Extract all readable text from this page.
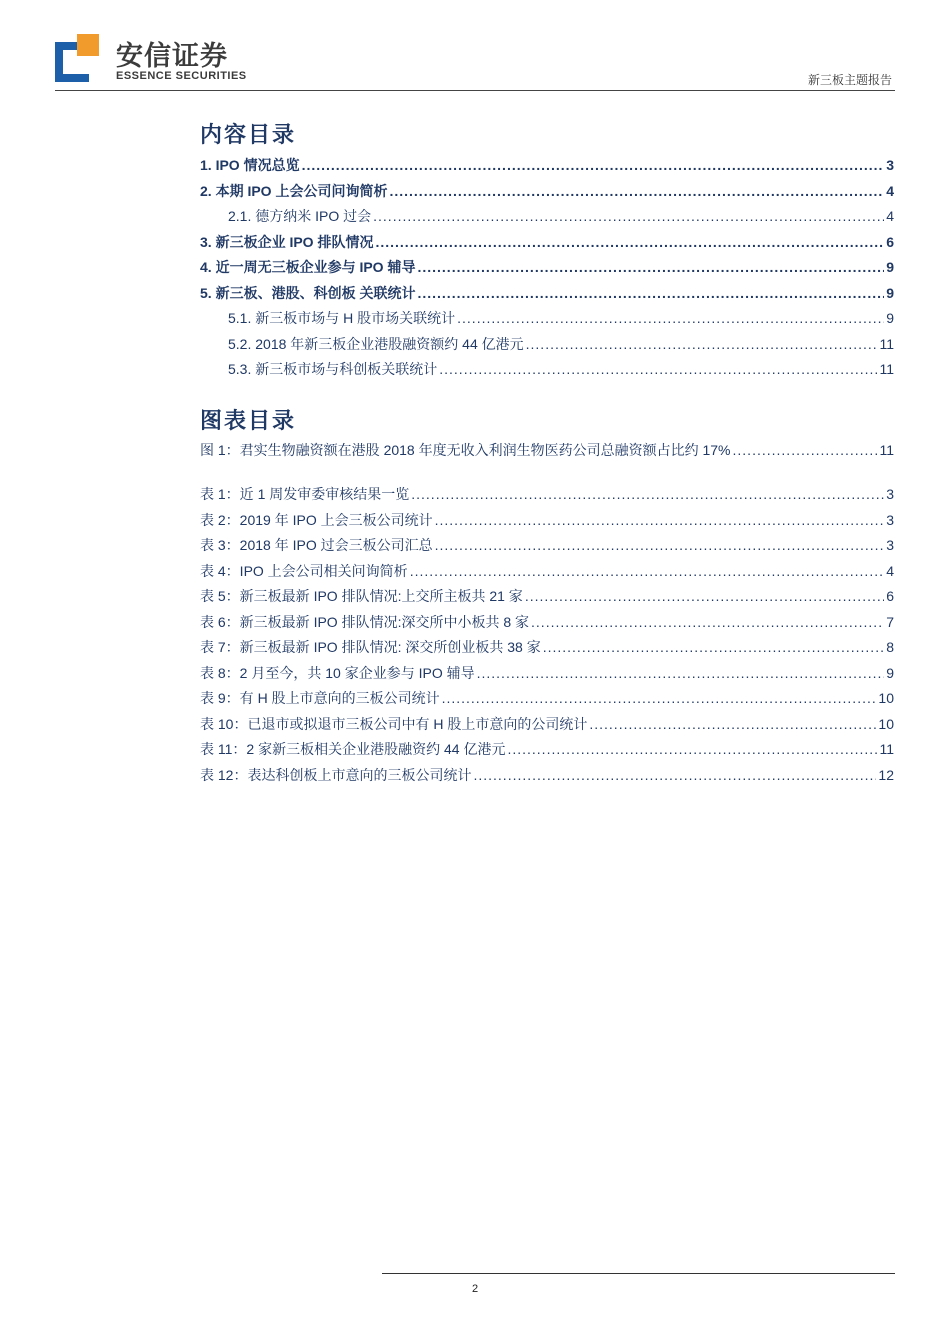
安信证券
ESSENCE SECURITIES	新三板主题报告
内容目录
1. IPO 情况总览 .....	3
2. 本期 IPO 上会公司问询简析 .....	4
2.1. 德方纳米 IPO 过会 .....	4
3. 新三板企业 IPO 排队情况 .....	6
4. 近一周无三板企业参与 IPO 辅导 .....	9
5. 新三板、港股、科创板 关联统计 .....	9
5.1. 新三板市场与 H 股市场关联统计 .....	9
5.2. 2018 年新三板企业港股融资额约 44 亿港元 .....	11
5.3. 新三板市场与科创板关联统计 .....	11
图表目录
图 1：君实生物融资额在港股 2018 年度无收入利润生物医药公司总融资额占比约 17% .....	11
表 1：近 1 周发审委审核结果一览 .....	3
表 2：2019 年 IPO 上会三板公司统计 .....	3
表 3：2018 年 IPO 过会三板公司汇总 .....	3
表 4：IPO 上会公司相关问询简析 .....	4
表 5：新三板最新 IPO 排队情况:上交所主板共 21 家 .....	6
表 6：新三板最新 IPO 排队情况:深交所中小板共 8 家 .....	7
表 7：新三板最新 IPO 排队情况: 深交所创业板共 38 家 .....	8
表 8：2 月至今，共 10 家企业参与 IPO 辅导 .....	9
表 9：有 H 股上市意向的三板公司统计 .....	10
表 10：已退市或拟退市三板公司中有 H 股上市意向的公司统计 .....	10
表 11：2 家新三板相关企业港股融资约 44 亿港元 .....	11
表 12：表达科创板上市意向的三板公司统计 .....	12
2
